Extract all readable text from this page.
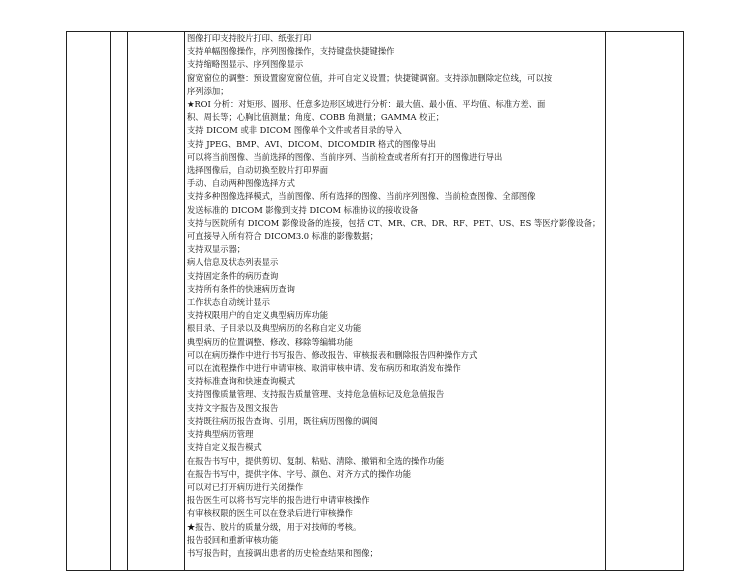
图像打印支持胶片打印、纸张打印
支持单幅图像操作，序列图像操作，支持键盘快捷键操作
支持缩略图显示、序列图像显示
窗宽窗位的调整：预设置窗宽窗位值，并可自定义设置；快捷键调窗。支持添加删除定位线，可以按
序列添加；
★ROI 分析：对矩形、圆形、任意多边形区域进行分析：最大值、最小值、平均值、标准方差、面
积、周长等；心胸比值测量；角度、COBB 角测量；GAMMA 校正；
支持 DICOM 或非 DICOM 图像单个文件或者目录的导入
支持 JPEG、BMP、AVI、DICOM、DICOMDIR 格式的图像导出
可以将当前图像、当前选择的图像、当前序列、当前检查或者所有打开的图像进行导出
选择图像后，自动切换至胶片打印界面
手动、自动两种图像选择方式
支持多种图像选择模式，当前图像、所有选择的图像、当前序列图像、当前检查图像、全部图像
发送标准的 DICOM 影像到支持 DICOM 标准协议的接收设备
支持与医院所有 DICOM 影像设备的连接，包括 CT、MR、CR、DR、RF、PET、US、ES 等医疗影像设备；
可直接导入所有符合 DICOM3.0 标准的影像数据；
支持双显示器；
病人信息及状态列表显示
支持固定条件的病历查询
支持所有条件的快速病历查询
工作状态自动统计显示
支持权限用户的自定义典型病历库功能
根目录、子目录以及典型病历的名称自定义功能
典型病历的位置调整、修改、移除等编辑功能
可以在病历操作中进行书写报告、修改报告、审核报表和删除报告四种操作方式
可以在流程操作中进行申请审核、取消审核申请、发布病历和取消发布操作
支持标准查询和快速查询模式
支持图像质量管理、支持报告质量管理、支持危急值标记及危急值报告
支持文字报告及图文报告
支持既往病历报告查询、引用，既往病历图像的调阅
支持典型病历管理
支持自定义报告模式
在报告书写中，提供剪切、复制、粘贴、清除、撤销和全选的操作功能
在报告书写中，提供字体、字号、颜色、对齐方式的操作功能
可以对已打开病历进行关闭操作
报告医生可以将书写完毕的报告进行申请审核操作
有审核权限的医生可以在登录后进行审核操作
★报告、胶片的质量分级，用于对技师的考核。
报告驳回和重新审核功能
书写报告时，直接调出患者的历史检查结果和图像；
